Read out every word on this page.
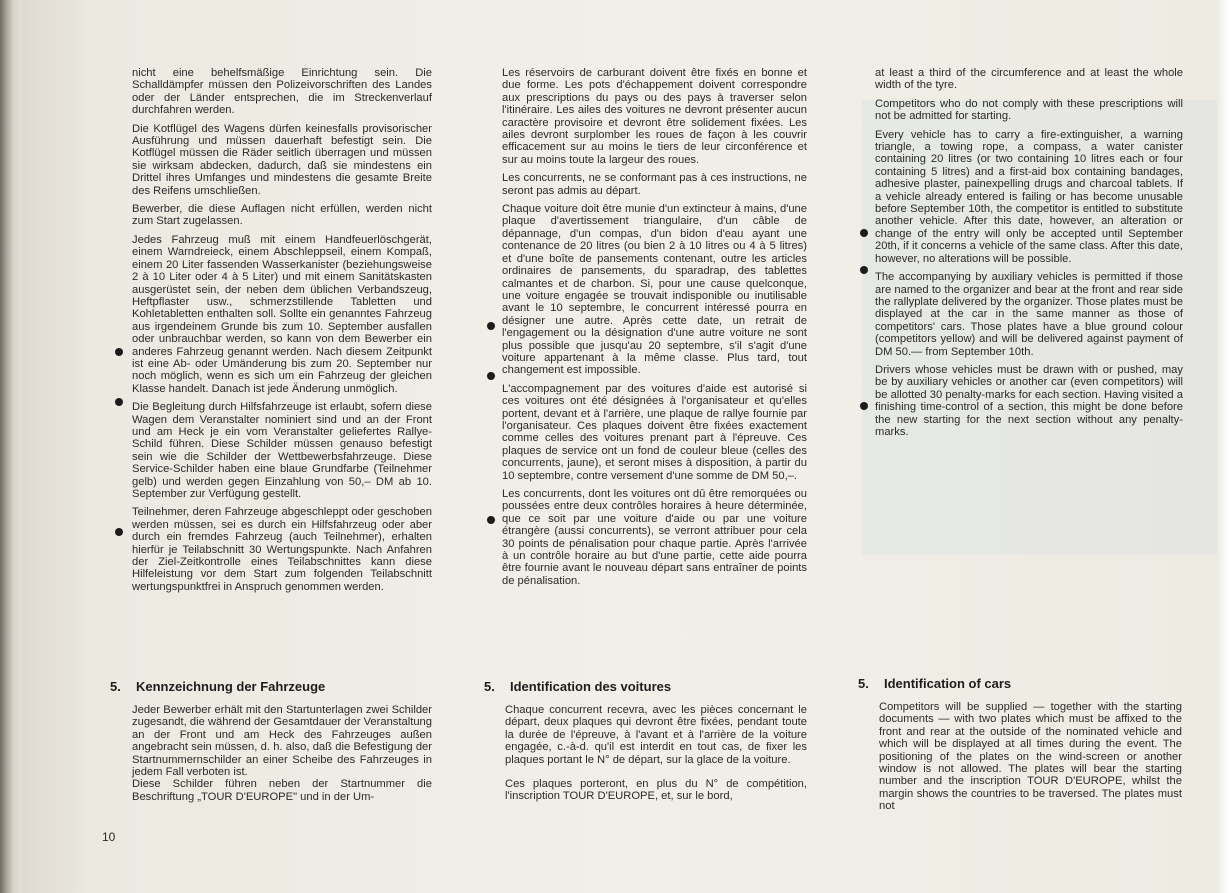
nicht eine behelfsmäßige Einrichtung sein. Die Schalldämpfer müssen den Polizeivorschriften des Landes oder der Länder entsprechen, die im Streckenverlauf durchfahren werden.

Die Kotflügel des Wagens dürfen keinesfalls provisorischer Ausführung und müssen dauerhaft befestigt sein. Die Kotflügel müssen die Räder seitlich überragen und müssen sie wirksam abdecken, dadurch, daß sie mindestens ein Drittel ihres Umfanges und mindestens die gesamte Breite des Reifens umschließen.

Bewerber, die diese Auflagen nicht erfüllen, werden nicht zum Start zugelassen.

Jedes Fahrzeug muß mit einem Handfeuerlöschgerät, einem Warndreieck, einem Abschleppseil, einem Kompaß, einem 20 Liter fassenden Wasserkanister (beziehungsweise 2 à 10 Liter oder 4 à 5 Liter) und mit einem Sanitätskasten ausgerüstet sein, der neben dem üblichen Verbandszeug, Heftpflaster usw., schmerzstillende Tabletten und Kohletabletten enthalten soll. Sollte ein genanntes Fahrzeug aus irgendeinem Grunde bis zum 10. September ausfallen oder unbrauchbar werden, so kann von dem Bewerber ein anderes Fahrzeug genannt werden. Nach diesem Zeitpunkt ist eine Ab- oder Umänderung bis zum 20. September nur noch möglich, wenn es sich um ein Fahrzeug der gleichen Klasse handelt. Danach ist jede Änderung unmöglich.

Die Begleitung durch Hilfsfahrzeuge ist erlaubt, sofern diese Wagen dem Veranstalter nominiert sind und an der Front und am Heck je ein vom Veranstalter geliefertes Rallye-Schild führen. Diese Schilder müssen genauso befestigt sein wie die Schilder der Wettbewerbsfahrzeuge. Diese Service-Schilder haben eine blaue Grundfarbe (Teilnehmer gelb) und werden gegen Einzahlung von 50,– DM ab 10. September zur Verfügung gestellt.

Teilnehmer, deren Fahrzeuge abgeschleppt oder geschoben werden müssen, sei es durch ein Hilfsfahrzeug oder aber durch ein fremdes Fahrzeug (auch Teilnehmer), erhalten hierfür je Teilabschnitt 30 Wertungspunkte. Nach Anfahren der Ziel-Zeitkontrolle eines Teilabschnittes kann diese Hilfeleistung vor dem Start zum folgenden Teilabschnitt wertungspunktfrei in Anspruch genommen werden.

Les réservoirs de carburant doivent être fixés en bonne et due forme. Les pots d'échappement doivent correspondre aux prescriptions du pays ou des pays à traverser selon l'itinéraire. Les ailes des voitures ne devront présenter aucun caractère provisoire et devront être solidement fixées. Les ailes devront surplomber les roues de façon à les couvrir efficacement sur au moins le tiers de leur circonférence et sur au moins toute la largeur des roues.

Les concurrents, ne se conformant pas à ces instructions, ne seront pas admis au départ.

Chaque voiture doit être munie d'un extincteur à mains, d'une plaque d'avertissement triangulaire, d'un câble de dépannage, d'un compas, d'un bidon d'eau ayant une contenance de 20 litres (ou bien 2 à 10 litres ou 4 à 5 litres) et d'une boîte de pansements contenant, outre les articles ordinaires de pansements, du sparadrap, des tablettes calmantes et de charbon. Si, pour une cause quelconque, une voiture engagée se trouvait indisponible ou inutilisable avant le 10 septembre, le concurrent intéressé pourra en désigner une autre. Après cette date, un retrait de l'engagement ou la désignation d'une autre voiture ne sont plus possible que jusqu'au 20 septembre, s'il s'agit d'une voiture appartenant à la même classe. Plus tard, tout changement est impossible.

L'accompagnement par des voitures d'aide est autorisé si ces voitures ont été désignées à l'organisateur et qu'elles portent, devant et à l'arrière, une plaque de rallye fournie par l'organisateur. Ces plaques doivent être fixées exactement comme celles des voitures prenant part à l'épreuve. Ces plaques de service ont un fond de couleur bleue (celles des concurrents, jaune), et seront mises à disposition, à partir du 10 septembre, contre versement d'une somme de DM 50,–.

Les concurrents, dont les voitures ont dû être remorquées ou poussées entre deux contrôles horaires à heure déterminée, que ce soit par une voiture d'aide ou par une voiture étrangère (aussi concurrents), se verront attribuer pour cela 30 points de pénalisation pour chaque partie. Après l'arrivée à un contrôle horaire au but d'une partie, cette aide pourra être fournie avant le nouveau départ sans entraîner de points de pénalisation.

at least a third of the circumference and at least the whole width of the tyre.

Competitors who do not comply with these prescriptions will not be admitted for starting.

Every vehicle has to carry a fire-extinguisher, a warning triangle, a towing rope, a compass, a water canister containing 20 litres (or two containing 10 litres each or four containing 5 litres) and a first-aid box containing bandages, adhesive plaster, painexpelling drugs and charcoal tablets. If a vehicle already entered is failing or has become unusable before September 10th, the competitor is entitled to substitute another vehicle. After this date, however, an alteration or change of the entry will only be accepted until September 20th, if it concerns a vehicle of the same class. After this date, however, no alterations will be possible.

The accompanying by auxiliary vehicles is permitted if those are named to the organizer and bear at the front and rear side the rallyplate delivered by the organizer. Those plates must be displayed at the car in the same manner as those of competitors' cars. Those plates have a blue ground colour (competitors yellow) and will be delivered against payment of DM 50.— from September 10th.

Drivers whose vehicles must be drawn with or pushed, may be by auxiliary vehicles or another car (even competitors) will be allotted 30 penalty-marks for each section. Having visited a finishing time-control of a section, this might be done before the new starting for the next section without any penalty-marks.

5. Kennzeichnung der Fahrzeuge	5. Identification des voitures	5. Identification of cars

Jeder Bewerber erhält mit den Startunterlagen zwei Schilder zugesandt, die während der Gesamtdauer der Veranstaltung an der Front und am Heck des Fahrzeuges außen angebracht sein müssen, d. h. also, daß die Befestigung der Startnummernschilder an einer Scheibe des Fahrzeuges in jedem Fall verboten ist.

Diese Schilder führen neben der Startnummer die Beschriftung „TOUR D'EUROPE" und in der Um-

Chaque concurrent recevra, avec les pièces concernant le départ, deux plaques qui devront être fixées, pendant toute la durée de l'épreuve, à l'avant et à l'arrière de la voiture engagée, c.-à-d. qu'il est interdit en tout cas, de fixer les plaques portant le N° de départ, sur la glace de la voiture.

Ces plaques porteront, en plus du N° de compétition, l'inscription TOUR D'EUROPE, et, sur le bord,

Competitors will be supplied — together with the starting documents — with two plates which must be affixed to the front and rear at the outside of the nominated vehicle and which will be displayed at all times during the event. The positioning of the plates on the wind-screen or another window is not allowed. The plates will bear the starting number and the inscription TOUR D'EUROPE, whilst the margin shows the countries to be traversed. The plates must not

10
